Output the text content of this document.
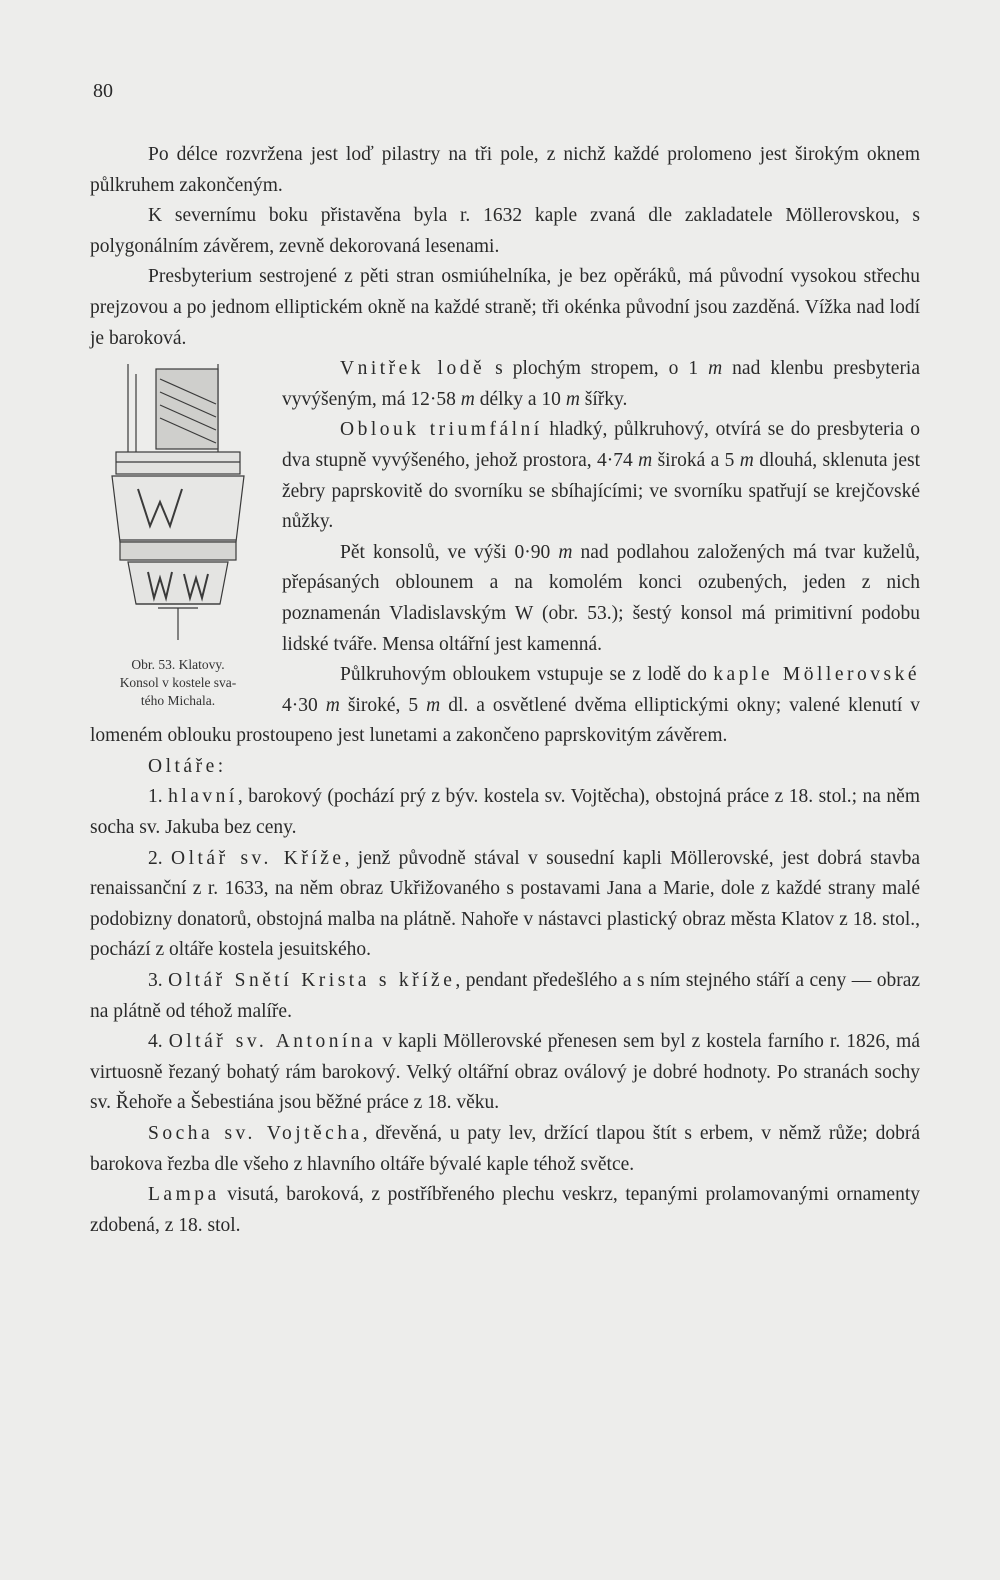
80

Po délce rozvržena jest loď pilastry na tři pole, z nichž každé prolomeno jest širokým oknem půlkruhem zakončeným.

K severnímu boku přistavěna byla r. 1632 kaple zvaná dle zakladatele Möllerovskou, s polygonálním závěrem, zevně dekorovaná lesenami.

Presbyterium sestrojené z pěti stran osmiúhelníka, je bez opěráků, má původní vysokou střechu prejzovou a po jednom elliptickém okně na každé straně; tři okénka původní jsou zazděná. Vížka nad lodí je baroková.

Obr. 53. Klatovy.
Konsol v kostele sva-
tého Michala.

Vnitřek lodě s plochým stropem, o 1 m nad klenbu presbyteria vyvýšeným, má 12·58 m délky a 10 m šířky.

Oblouk triumfální hladký, půlkruhový, otvírá se do presbyteria o dva stupně vyvýšeného, jehož prostora, 4·74 m široká a 5 m dlouhá, sklenuta jest žebry paprskovitě do svorníku se sbíhajícími; ve svorníku spatřují se krejčovské nůžky.

Pět konsolů, ve výši 0·90 m nad podlahou založených má tvar kuželů, přepásaných oblounem a na komolém konci ozubených, jeden z nich poznamenán Vladislavským W (obr. 53.); šestý konsol má primitivní podobu lidské tváře. Mensa oltářní jest kamenná.

Půlkruhovým obloukem vstupuje se z lodě do kaple Möllerovské 4·30 m široké, 5 m dl. a osvětlené dvěma elliptickými okny; valené klenutí v lomeném oblouku prostoupeno jest lunetami a zakončeno paprskovitým závěrem.

Oltáře:

1. hlavní, barokový (pochází prý z býv. kostela sv. Vojtěcha), obstojná práce z 18. stol.; na něm socha sv. Jakuba bez ceny.

2. Oltář sv. Kříže, jenž původně stával v sousední kapli Möllerovské, jest dobrá stavba renaissanční z r. 1633, na něm obraz Ukřižovaného s postavami Jana a Marie, dole z každé strany malé podobizny donatorů, obstojná malba na plátně. Nahoře v nástavci plastický obraz města Klatov z 18. stol., pochází z oltáře kostela jesuitského.

3. Oltář Snětí Krista s kříže, pendant předešlého a s ním stejného stáří a ceny — obraz na plátně od téhož malíře.

4. Oltář sv. Antonína v kapli Möllerovské přenesen sem byl z kostela farního r. 1826, má virtuosně řezaný bohatý rám barokový. Velký oltářní obraz oválový je dobré hodnoty. Po stranách sochy sv. Řehoře a Šebestiána jsou běžné práce z 18. věku.

Socha sv. Vojtěcha, dřevěná, u paty lev, držící tlapou štít s erbem, v němž růže; dobrá barokova řezba dle všeho z hlavního oltáře bývalé kaple téhož světce.

Lampa visutá, baroková, z postříbřeného plechu veskrz, tepanými prolamovanými ornamenty zdobená, z 18. stol.
